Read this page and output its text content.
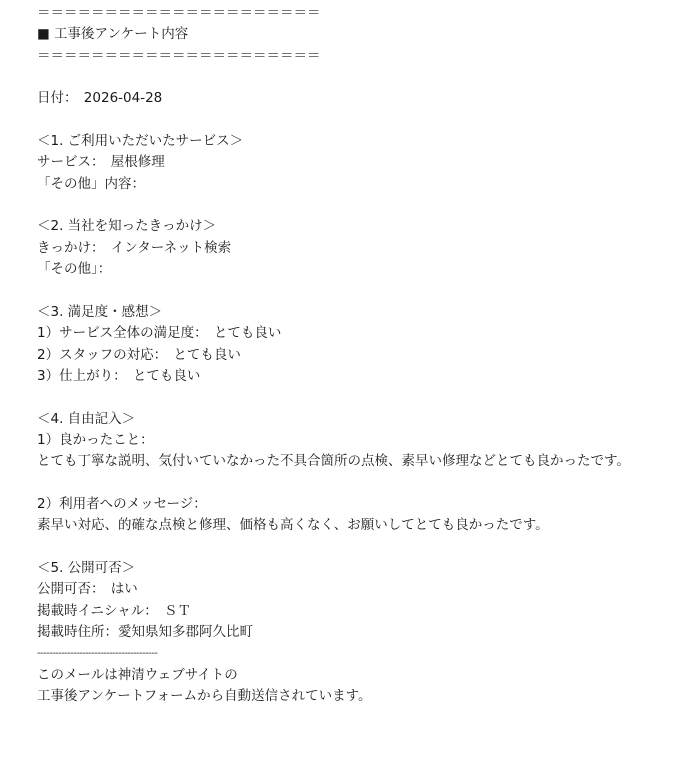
＝＝＝＝＝＝＝＝＝＝＝＝＝＝＝＝＝＝＝＝＝
■ 工事後アンケート内容
＝＝＝＝＝＝＝＝＝＝＝＝＝＝＝＝＝＝＝＝＝
日付： 2026-04-28
＜1. ご利用いただいたサービス＞
サービス： 屋根修理
「その他」内容：
＜2. 当社を知ったきっかけ＞
きっかけ： インターネット検索
「その他」：
＜3. 満足度・感想＞
1）サービス全体の満足度： とても良い
2）スタッフの対応： とても良い
3）仕上がり： とても良い
＜4. 自由記入＞
1）良かったこと：
とても丁寧な説明、気付いていなかった不具合箇所の点検、素早い修理などとても良かったです。
2）利用者へのメッセージ：
素早い対応、的確な点検と修理、価格も高くなく、お願いしてとても良かったです。
＜5. 公開可否＞
公開可否： はい
掲載時イニシャル： ＳＴ
掲載時住所：愛知県知多郡阿久比町
----------------------------------------
このメールは神清ウェブサイトの
工事後アンケートフォームから自動送信されています。
